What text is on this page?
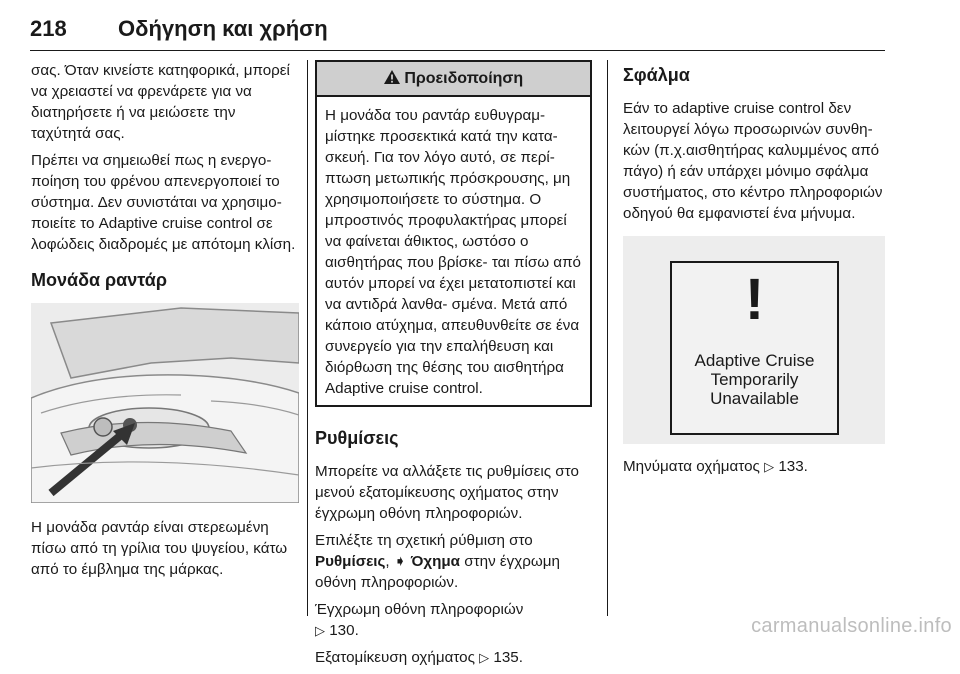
218 Οδήγηση και χρήση

σας. Όταν κινείστε κατηφορικά, μπορεί να χρειαστεί να φρενάρετε για να διατηρήσετε ή να μειώσετε την ταχύτητά σας.

Πρέπει να σημειωθεί πως η ενεργο- ποίηση του φρένου απενεργοποιεί το σύστημα. Δεν συνιστάται να χρησιμο- ποιείτε το Adaptive cruise control σε λοφώδεις διαδρομές με απότομη κλίση.

Μονάδα ραντάρ

Η μονάδα ραντάρ είναι στερεωμένη πίσω από τη γρίλια του ψυγείου, κάτω από το έμβλημα της μάρκας.

Προειδοποίηση
Η μονάδα του ραντάρ ευθυγραμ- μίστηκε προσεκτικά κατά την κατα- σκευή. Για τον λόγο αυτό, σε περί- πτωση μετωπικής πρόσκρουσης, μη χρησιμοποιήσετε το σύστημα. Ο μπροστινός προφυλακτήρας μπορεί να φαίνεται άθικτος, ωστόσο ο αισθητήρας που βρίσκε- ται πίσω από αυτόν μπορεί να έχει μετατοπιστεί και να αντιδρά λανθα- σμένα. Μετά από κάποιο ατύχημα, απευθυνθείτε σε ένα συνεργείο για την επαλήθευση και διόρθωση της θέσης του αισθητήρα Adaptive cruise control.
Ρυθμίσεις

Μπορείτε να αλλάξετε τις ρυθμίσεις στο μενού εξατομίκευσης οχήματος στην έγχρωμη οθόνη πληροφοριών.

Επιλέξτε τη σχετική ρύθμιση στο Ρυθμίσεις, ➧ Όχημα στην έγχρωμη οθόνη πληροφοριών.

Έγχρωμη οθόνη πληροφοριών
▷ 130.

Εξατομίκευση οχήματος ▷ 135.

Σφάλμα

Εάν το adaptive cruise control δεν λειτουργεί λόγω προσωρινών συνθη- κών (π.χ.αισθητήρας καλυμμένος από πάγο) ή εάν υπάρχει μόνιμο σφάλμα συστήματος, στο κέντρο πληροφοριών οδηγού θα εμφανιστεί ένα μήνυμα.

!
Adaptive Cruise
Temporarily
Unavailable

Μηνύματα οχήματος ▷ 133.

carmanualsonline.info
